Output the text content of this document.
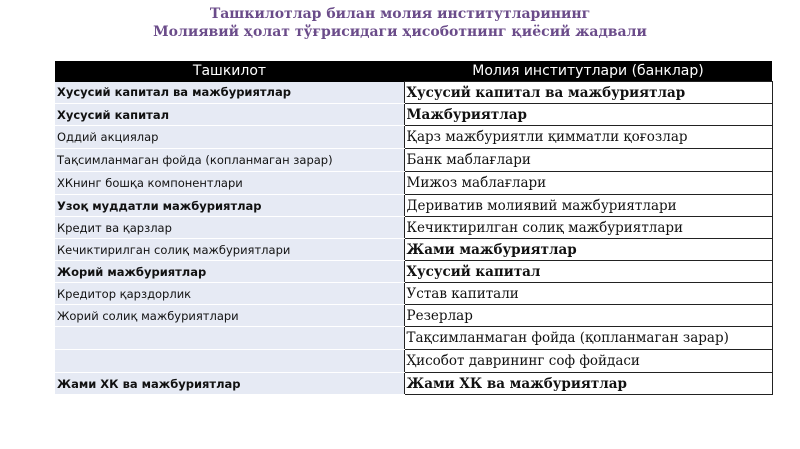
Ташкилотлар билан молия институтларининг
Молиявий ҳолат тўғрисидаги ҳисоботнинг қиёсий жадвали
Ташкилот	Молия институтлари (банклар)
Хусусий капитал ва мажбуриятлар	Хусусий капитал ва мажбуриятлар
Хусусий капитал	Мажбуриятлар
Оддий акциялар	Қарз мажбуриятли қимматли қоғозлар
Тақсимланмаган фойда (копланмаган зарар)	Банк маблағлари
ХКнинг бошқа компонентлари	Мижоз маблағлари
Узоқ муддатли мажбуриятлар	Дериватив молиявий мажбуриятлари
Кредит ва қарзлар	Кечиктирилган солиқ мажбуриятлари
Кечиктирилган солиқ мажбуриятлари	Жами мажбуриятлар
Жорий мажбуриятлар	Хусусий капитал
Кредитор қарздорлик	Устав капитали
Жорий солиқ мажбуриятлари	Резерлар
	Тақсимланмаган фойда (қопланмаган зарар)
	Ҳисобот даврининг соф фойдаси
Жами ХК ва мажбуриятлар	Жами ХК ва мажбуриятлар
